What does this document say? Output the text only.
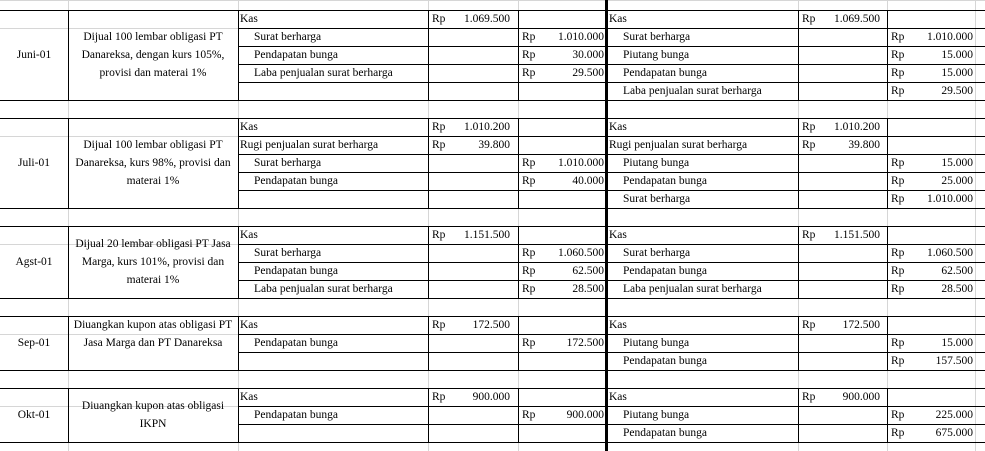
Juni-01
Dijual 100 lembar obligasi PT Danareksa, dengan kurs 105%, provisi dan materai 1%
Kas	Rp	1.069.500
Surat berharga	Rp	1.010.000
Pendapatan bunga	Rp	30.000
Laba penjualan surat berharga	Rp	29.500
Kas	Rp	1.069.500
Surat berharga	Rp	1.010.000
Piutang bunga	Rp	15.000
Pendapatan bunga	Rp	15.000
Laba penjualan surat berharga	Rp	29.500
Juli-01
Dijual 100 lembar obligasi PT Danareksa, kurs 98%, provisi dan materai 1%
Kas	Rp	1.010.200
Rugi penjualan surat berharga	Rp	39.800
Surat berharga	Rp	1.010.000
Pendapatan bunga	Rp	40.000
Kas	Rp	1.010.200
Rugi penjualan surat berharga	Rp	39.800
Piutang bunga	Rp	15.000
Pendapatan bunga	Rp	25.000
Surat berharga	Rp	1.010.000
Agst-01
Dijual 20 lembar obligasi PT Jasa Marga, kurs 101%, provisi dan materai 1%
Kas	Rp	1.151.500
Surat berharga	Rp	1.060.500
Pendapatan bunga	Rp	62.500
Laba penjualan surat berharga	Rp	28.500
Kas	Rp	1.151.500
Surat berharga	Rp	1.060.500
Pendapatan bunga	Rp	62.500
Laba penjualan surat berharga	Rp	28.500
Sep-01
Diuangkan kupon atas obligasi PT Jasa Marga dan PT Danareksa
Kas	Rp	172.500
Pendapatan bunga	Rp	172.500
Kas	Rp	172.500
Piutang bunga	Rp	15.000
Pendapatan bunga	Rp	157.500
Okt-01
Diuangkan kupon atas obligasi IKPN
Kas	Rp	900.000
Pendapatan bunga	Rp	900.000
Kas	Rp	900.000
Piutang bunga	Rp	225.000
Pendapatan bunga	Rp	675.000
